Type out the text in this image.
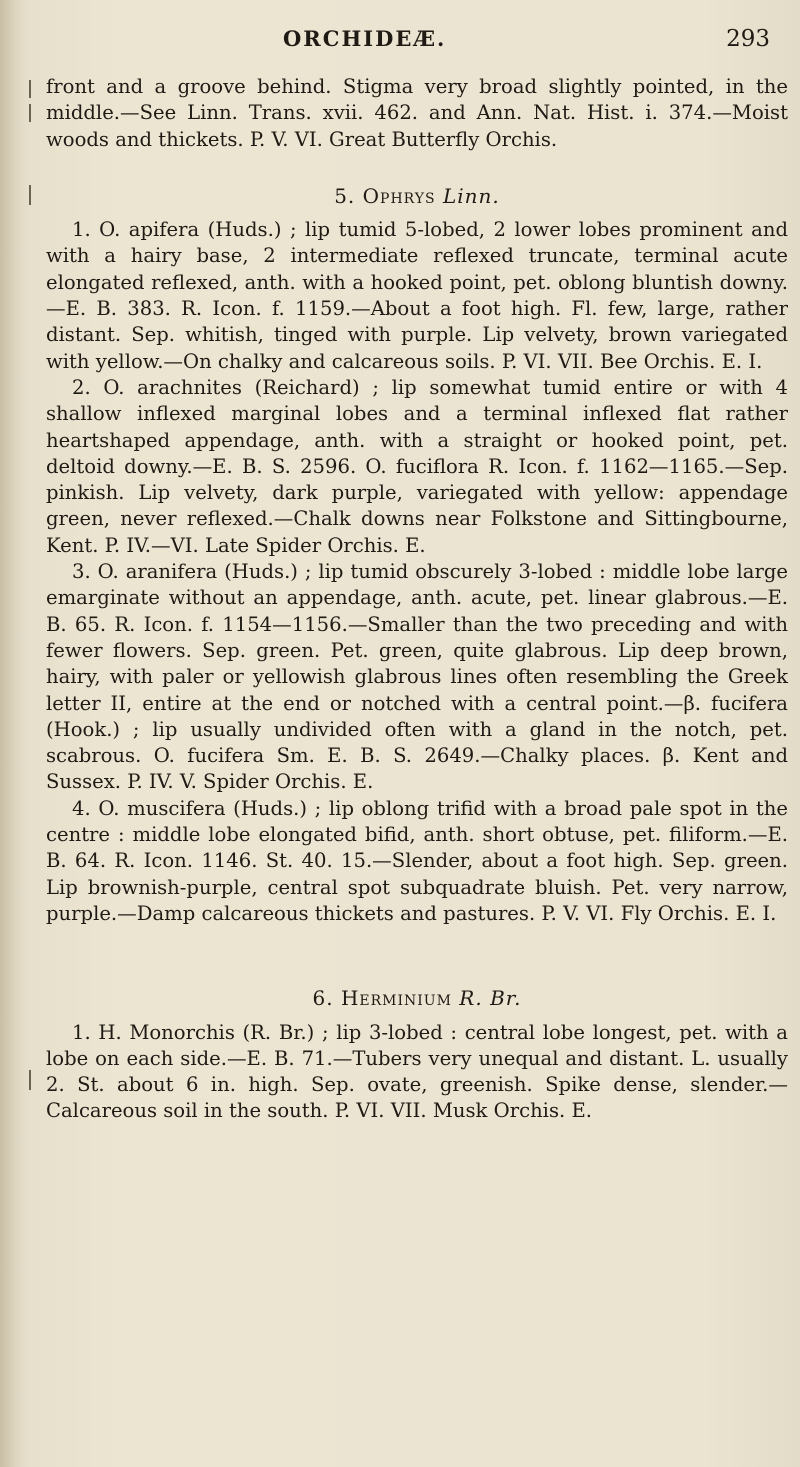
ORCHIDEÆ.	293

front and a groove behind. Stigma very broad slightly pointed, in the middle.—See Linn. Trans. xvii. 462. and Ann. Nat. Hist. i. 374.—Moist woods and thickets. P. V. VI. Great Butterfly Orchis.

5. Ophrys Linn.

1. O. apifera (Huds.) ; lip tumid 5-lobed, 2 lower lobes prominent and with a hairy base, 2 intermediate reflexed truncate, terminal acute elongated reflexed, anth. with a hooked point, pet. oblong bluntish downy.—E. B. 383. R. Icon. f. 1159.—About a foot high. Fl. few, large, rather distant. Sep. whitish, tinged with purple. Lip velvety, brown variegated with yellow.—On chalky and calcareous soils. P. VI. VII. Bee Orchis. E. I.

2. O. arachnites (Reichard) ; lip somewhat tumid entire or with 4 shallow inflexed marginal lobes and a terminal inflexed flat rather heartshaped appendage, anth. with a straight or hooked point, pet. deltoid downy.—E. B. S. 2596. O. fuciflora R. Icon. f. 1162—1165.—Sep. pinkish. Lip velvety, dark purple, variegated with yellow: appendage green, never reflexed.—Chalk downs near Folkstone and Sittingbourne, Kent. P. IV.—VI. Late Spider Orchis. E.

3. O. aranifera (Huds.) ; lip tumid obscurely 3-lobed : middle lobe large emarginate without an appendage, anth. acute, pet. linear glabrous.—E. B. 65. R. Icon. f. 1154—1156.—Smaller than the two preceding and with fewer flowers. Sep. green. Pet. green, quite glabrous. Lip deep brown, hairy, with paler or yellowish glabrous lines often resembling the Greek letter II, entire at the end or notched with a central point.—β. fucifera (Hook.) ; lip usually undivided often with a gland in the notch, pet. scabrous. O. fucifera Sm. E. B. S. 2649.—Chalky places. β. Kent and Sussex. P. IV. V. Spider Orchis. E.

4. O. muscifera (Huds.) ; lip oblong trifid with a broad pale spot in the centre : middle lobe elongated bifid, anth. short obtuse, pet. filiform.—E. B. 64. R. Icon. 1146. St. 40. 15.—Slender, about a foot high. Sep. green. Lip brownish-purple, central spot subquadrate bluish. Pet. very narrow, purple.—Damp calcareous thickets and pastures. P. V. VI. Fly Orchis. E. I.

6. Herminium R. Br.

1. H. Monorchis (R. Br.) ; lip 3-lobed : central lobe longest, pet. with a lobe on each side.—E. B. 71.—Tubers very unequal and distant. L. usually 2. St. about 6 in. high. Sep. ovate, greenish. Spike dense, slender.—Calcareous soil in the south. P. VI. VII. Musk Orchis. E.
